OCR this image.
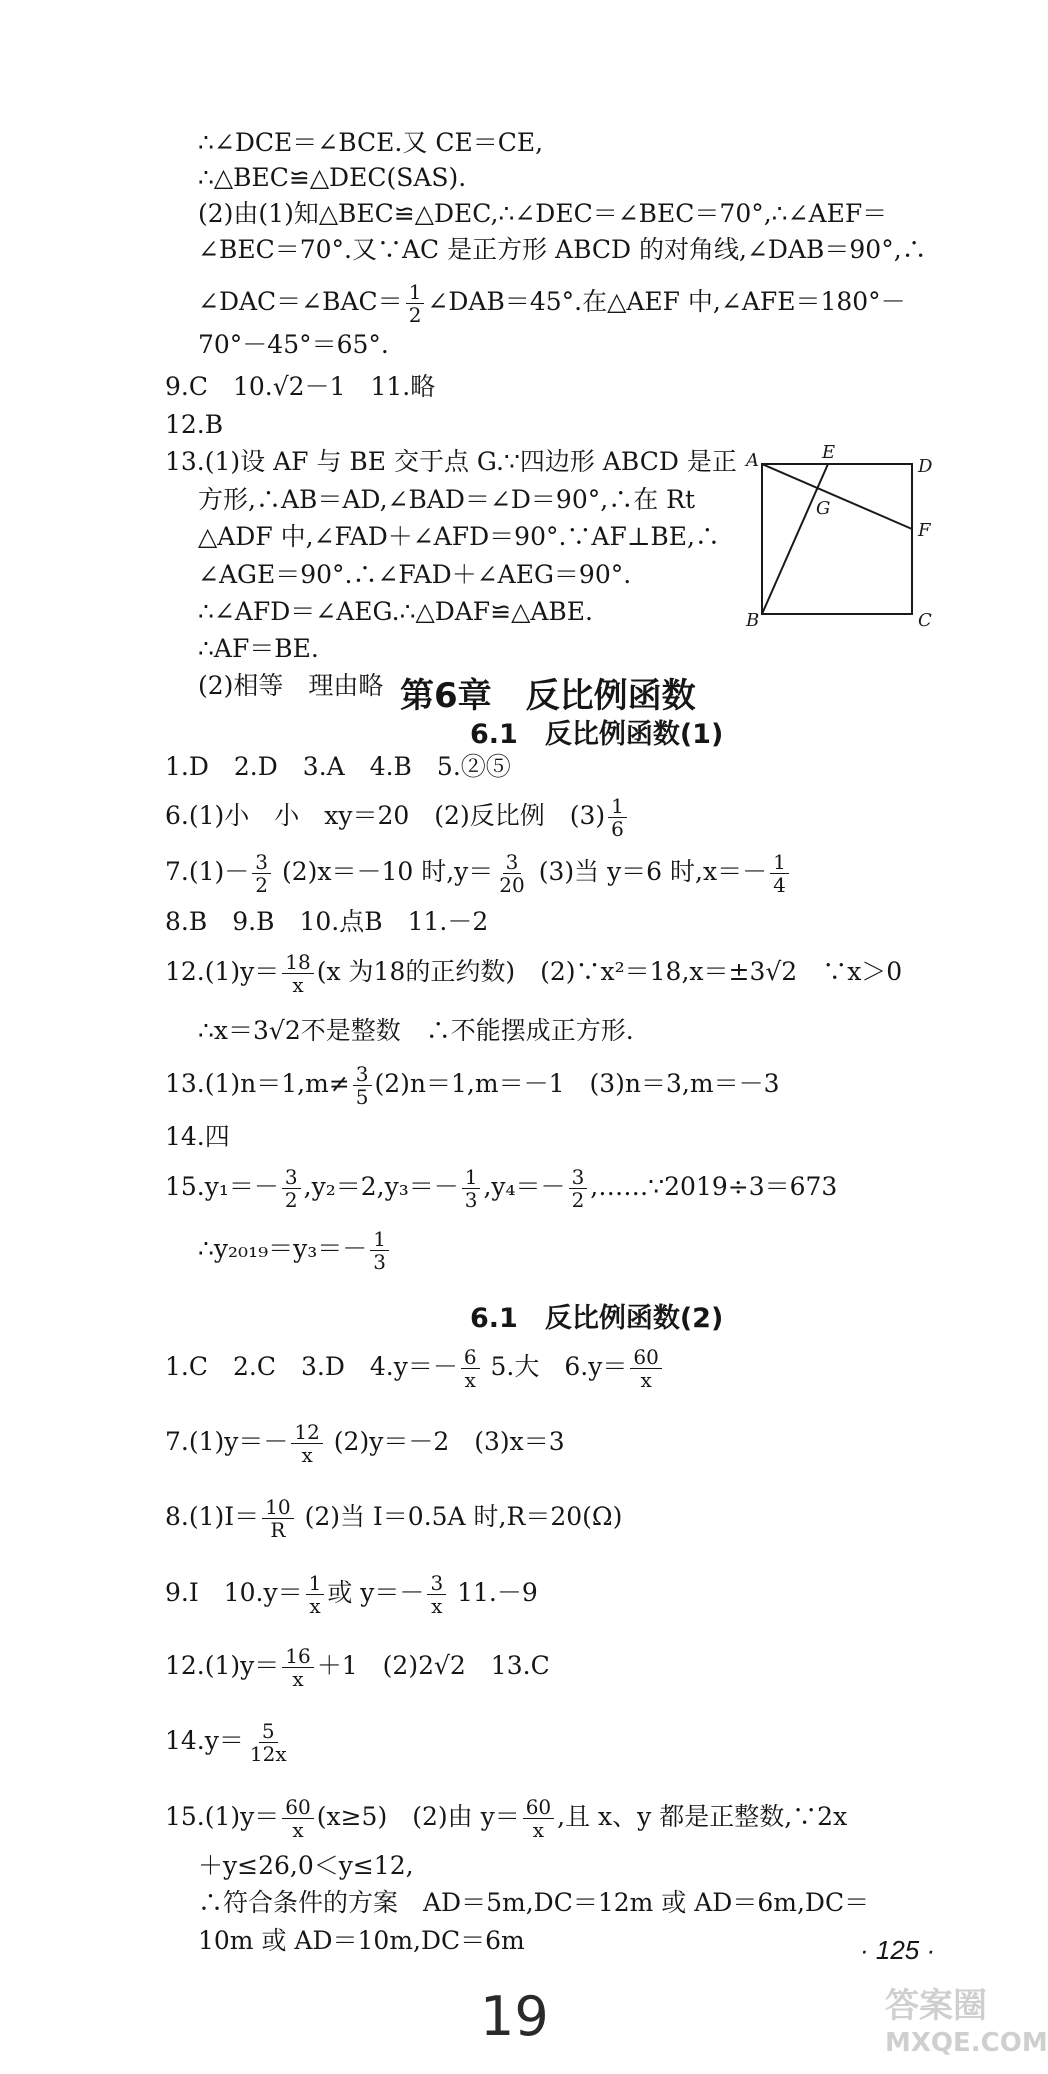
∴∠DCE＝∠BCE.又 CE＝CE,
∴△BEC≌△DEC(SAS).
(2)由(1)知△BEC≌△DEC,∴∠DEC＝∠BEC＝70°,∴∠AEF＝
∠BEC＝70°.又∵AC 是正方形 ABCD 的对角线,∠DAB＝90°,∴
∠DAC＝∠BAC＝ $\frac{1}{2}$ ∠DAB＝45°.在△AEF 中,∠AFE＝180°－
70°－45°＝65°.
9.C　10.√2－1　11.略
12.B
13.(1)设 AF 与 BE 交于点 G.∵四边形 ABCD 是正
方形,∴AB＝AD,∠BAD＝∠D＝90°,∴在 Rt
△ADF 中,∠FAD＋∠AFD＝90°.∵AF⊥BE,∴
∠AGE＝90°.∴∠FAD＋∠AEG＝90°.
∴∠AFD＝∠AEG.∴△DAF≌△ABE.
∴AF＝BE.
(2)相等　理由略
A	E
D
G
F
B	C
第6章　反比例函数
6.1　反比例函数(1)
1.D　2.D　3.A　4.B　5.②⑤
6.(1)小　小　xy＝20　(2)反比例　$(3) \frac{1}{6}$
$7.(1)- \frac{3}{2} (2)x=-10$ 时$,y= \frac{3}{20} (3)$当 y＝6 时$,x=- \frac{1}{4}$
8.B　9.B　10.点B　11.－2
$12.(1)y= \frac{18}{x} (x$ 为18的正约数)　(2)∵x²＝18,x＝±3√2　∵x＞0
∴x＝3√2不是整数　∴不能摆成正方形.
$13.(1)n=1,m\ne \frac{3}{5} (2)n=1,m=-1$　(3)n＝3,m＝－3
14.四
$15.y_1=- \frac{3}{2} ,y_2=2,y_3=- \frac{1}{3} ,y_4=- \frac{3}{2}$ ,……∵2019÷3＝673
∴y₂₀₁₉＝y₃＝－ $\frac{1}{3}$
6.1　反比例函数(2)
1.C　2.C　3.D　$4.y=- \frac{6}{x} 5$.大　$6.y= \frac{60}{x}$
$7.(1)y=- \frac{12}{x} (2)y=-2$　(3)x＝3
$8.(1)I= \frac{10}{R} (2)$当 I＝0.5A 时,R＝20(Ω)
9.I　$10.y= \frac{1}{x}$ 或 $y=- \frac{3}{x} 11.-9$
$12.(1)y= \frac{16}{x} +1$　(2)2√2　13.C
$14.y= \frac{5}{12x}$
$15.(1)y= \frac{60}{x} (x\ge 5)$　(2)由 $y= \frac{60}{x}$ ,且 x、y 都是正整数,∵2x
＋y≤26,0＜y≤12,
∴符合条件的方案　AD＝5m,DC＝12m 或 AD＝6m,DC＝
10m 或 AD＝10m,DC＝6m	· 125 ·
19	答案圈
MXQE.COM
